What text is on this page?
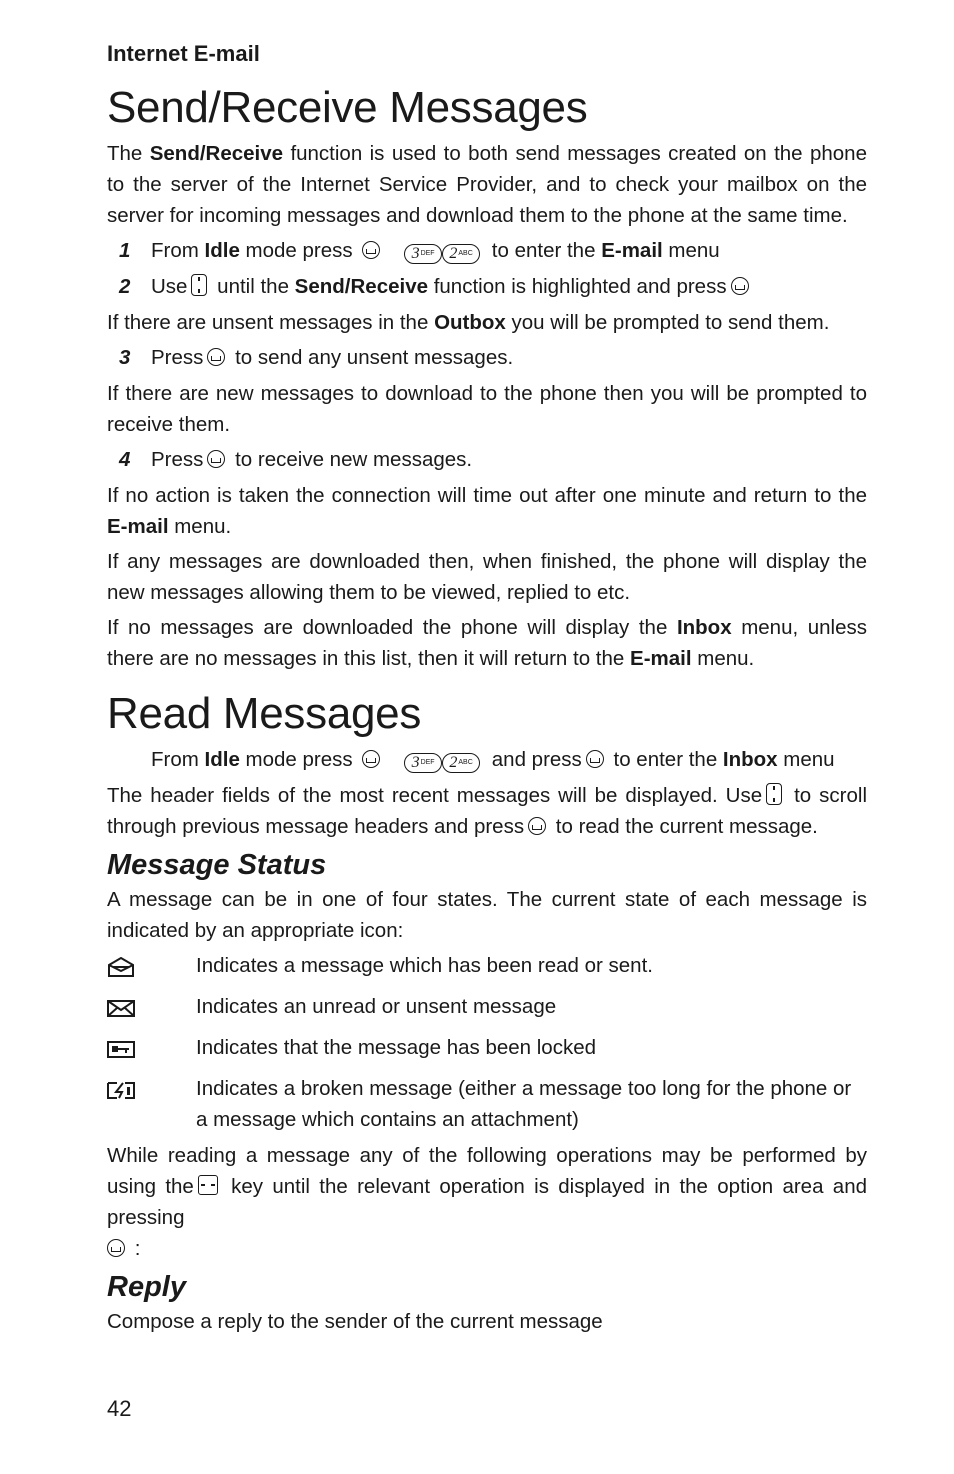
Internet E-mail
Send/Receive Messages

The Send/Receive function is used to both send messages created on the phone to the server of the Internet Service Provider, and to check your mailbox on the server for incoming messages and download them to the phone at the same time.

1	From Idle mode press	3 DEF 2 ABC to enter the E-mail menu
2	Use until the Send/Receive function is highlighted and press

If there are unsent messages in the Outbox you will be prompted to send them.

3	Press to send any unsent messages.

If there are new messages to download to the phone then you will be prompted to receive them.

4	Press to receive new messages.

If no action is taken the connection will time out after one minute and return to the E-mail menu.

If any messages are downloaded then, when finished, the phone will display the new messages allowing them to be viewed, replied to etc.

If no messages are downloaded the phone will display the Inbox menu, unless there are no messages in this list, then it will return to the E-mail menu.

Read Messages
From Idle mode press	3 DEF 2 ABC and press to enter the Inbox menu

The header fields of the most recent messages will be displayed. Use to scroll through previous message headers and press to read the current message.

Message Status

A message can be in one of four states. The current state of each message is indicated by an appropriate icon:

Indicates a message which has been read or sent.
Indicates an unread or unsent message
Indicates that the message has been locked
Indicates a broken message (either a message too long for the phone or a message which contains an attachment)

While reading a message any of the following operations may be performed by using the key until the relevant operation is displayed in the option area and pressing
:

Reply

Compose a reply to the sender of the current message

42
